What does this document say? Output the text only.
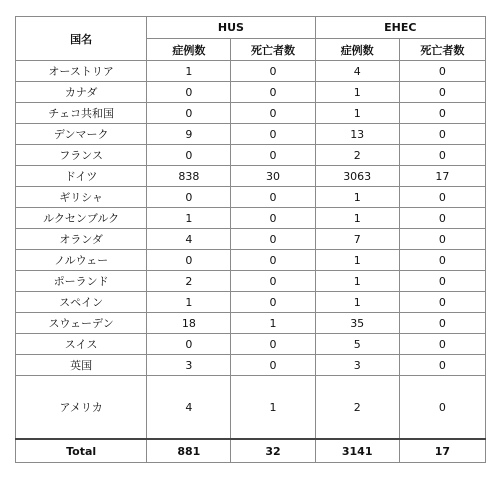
国名	HUS		EHEC	
	症例数	死亡者数	症例数	死亡者数
オーストリア	1	0	4	0
カナダ	0	0	1	0
チェコ共和国	0	0	1	0
デンマーク	9	0	13	0
フランス	0	0	2	0
ドイツ	838	30	3063	17
ギリシャ	0	0	1	0
ルクセンブルク	1	0	1	0
オランダ	4	0	7	0
ノルウェー	0	0	1	0
ポーランド	2	0	1	0
スペイン	1	0	1	0
スウェーデン	18	1	35	0
スイス	0	0	5	0
英国	3	0	3	0
アメリカ	4	1	2	0
Total	881	32	3141	17
